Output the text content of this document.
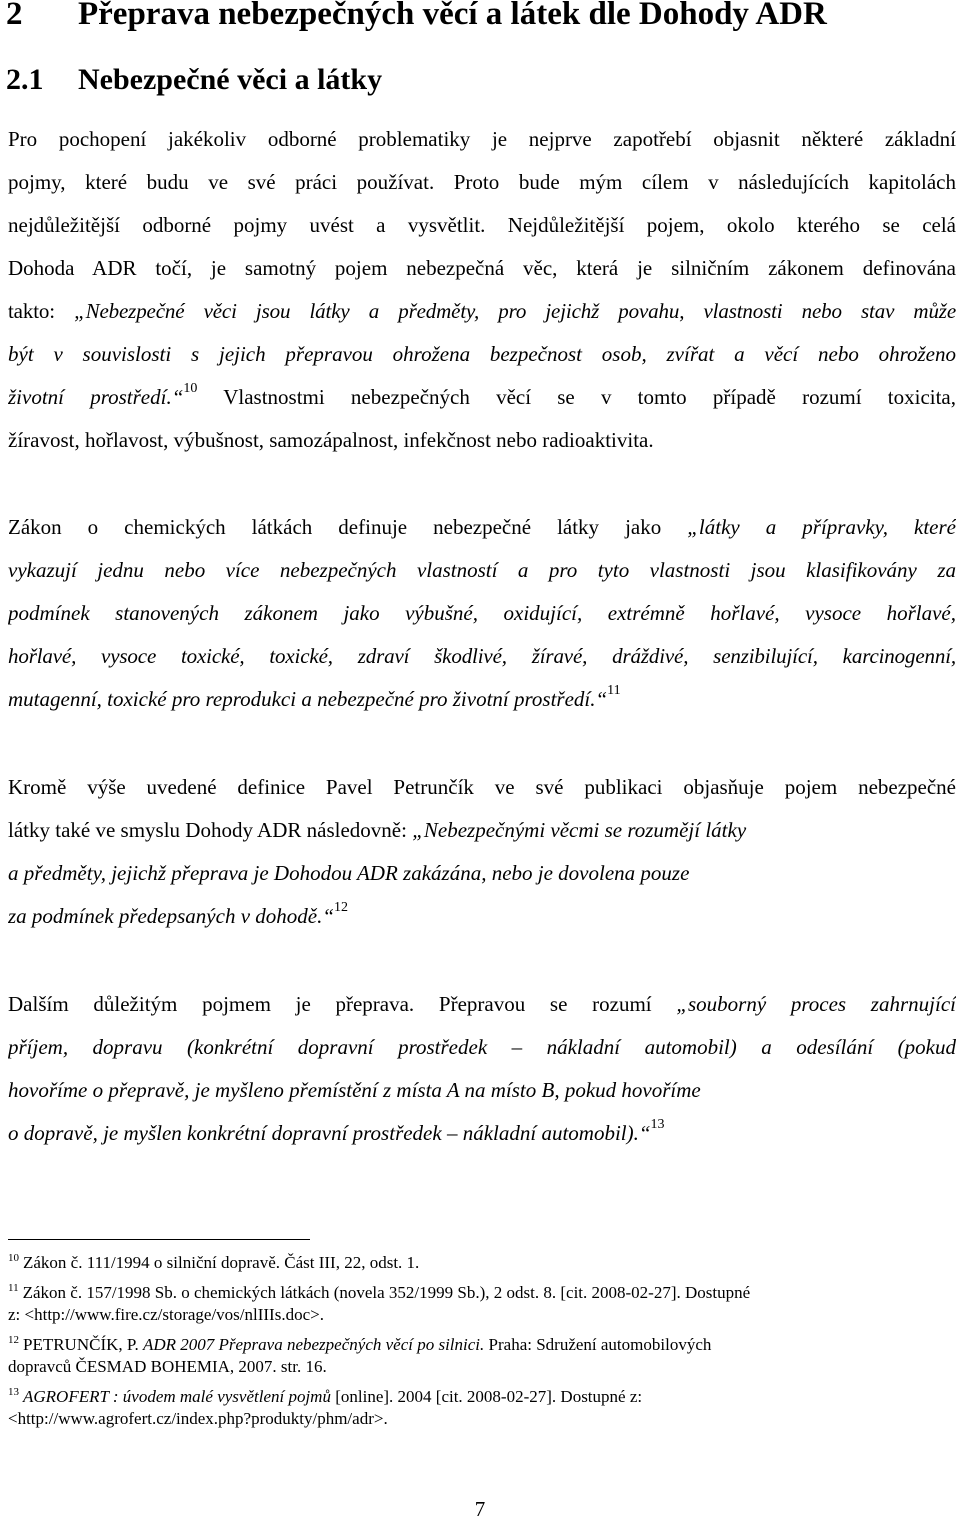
2 Přeprava nebezpečných věcí a látek dle Dohody ADR
2.1 Nebezpečné věci a látky
Pro pochopení jakékoliv odborné problematiky je nejprve zapotřebí objasnit některé základní
pojmy, které budu ve své práci používat. Proto bude mým cílem v následujících kapitolách
nejdůležitější odborné pojmy uvést a vysvětlit. Nejdůležitější pojem, okolo kterého se celá
Dohoda ADR točí, je samotný pojem nebezpečná věc, která je silničním zákonem definována
takto: „Nebezpečné věci jsou látky a předměty, pro jejichž povahu, vlastnosti nebo stav může
být v souvislosti s jejich přepravou ohrožena bezpečnost osob, zvířat a věcí nebo ohroženo
životní prostředí.“$^{10}$ Vlastnostmi nebezpečných věcí se v tomto případě rozumí toxicita,
žíravost, hořlavost, výbušnost, samozápalnost, infekčnost nebo radioaktivita.
Zákon o chemických látkách definuje nebezpečné látky jako „látky a přípravky, které
vykazují jednu nebo více nebezpečných vlastností a pro tyto vlastnosti jsou klasifikovány za
podmínek stanovených zákonem jako výbušné, oxidující, extrémně hořlavé, vysoce hořlavé,
hořlavé, vysoce toxické, toxické, zdraví škodlivé, žíravé, dráždivé, senzibilující, karcinogenní,
mutagenní, toxické pro reprodukci a nebezpečné pro životní prostředí.“$^{11}$
Kromě výše uvedené definice Pavel Petrunčík ve své publikaci objasňuje pojem nebezpečné
látky také ve smyslu Dohody ADR následovně: „Nebezpečnými věcmi se rozumějí látky
a předměty, jejichž přeprava je Dohodou ADR zakázána, nebo je dovolena pouze
za podmínek předepsaných v dohodě.“$^{12}$
Dalším důležitým pojmem je přeprava. Přepravou se rozumí „souborný proces zahrnující
příjem, dopravu (konkrétní dopravní prostředek – nákladní automobil) a odesílání (pokud
hovoříme o přepravě, je myšleno přemístění z místa A na místo B, pokud hovoříme
o dopravě, je myšlen konkrétní dopravní prostředek – nákladní automobil).“$^{13}$

$^{10}$ Zákon č. 111/1994 o silniční dopravě. Část III, 22, odst. 1.

$^{11}$ Zákon č. 157/1998 Sb. o chemických látkách (novela 352/1999 Sb.), 2 odst. 8. [cit. 2008-02-27]. Dostupné
z: <http://www.fire.cz/storage/vos/nlIIIs.doc>.

$^{12}$ PETRUNČÍK, P. ADR 2007 Přeprava nebezpečných věcí po silnici. Praha: Sdružení automobilových
dopravců ČESMAD BOHEMIA, 2007. str. 16.

$^{13}$ AGROFERT : úvodem malé vysvětlení pojmů [online]. 2004 [cit. 2008-02-27]. Dostupné z:
<http://www.agrofert.cz/index.php?produkty/phm/adr>.

7
